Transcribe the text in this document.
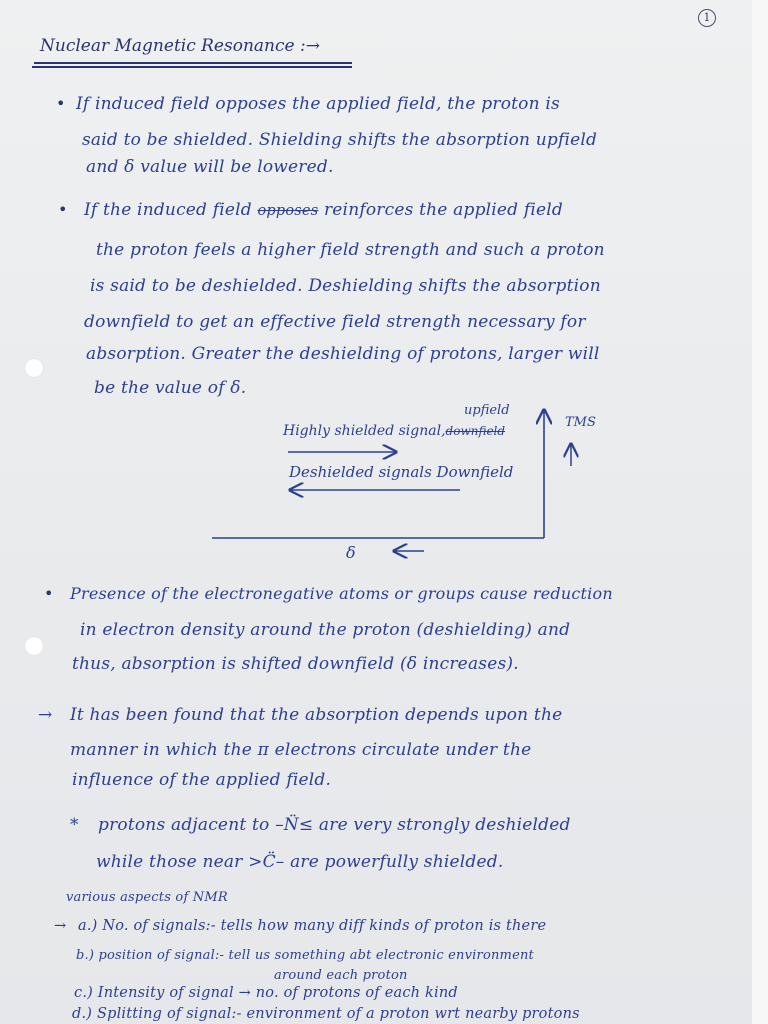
1
Nuclear Magnetic Resonance :→
• If induced field opposes the applied field, the proton is
said to be shielded. Shielding shifts the absorption upfield
and δ value will be lowered.
• If the induced field opposes reinforces the applied field
the proton feels a higher field strength and such a proton
is said to be deshielded. Deshielding shifts the absorption
downfield to get an effective field strength necessary for
absorption. Greater the deshielding of protons, larger will
be the value of δ.
upfield
Highly shielded signal,downfield
TMS
Deshielded signals Downfield
δ
• Presence of the electronegative atoms or groups cause reduction
in electron density around the proton (deshielding) and
thus, absorption is shifted downfield (δ increases).
→ It has been found that the absorption depends upon the
manner in which the π electrons circulate under the
influence of the applied field.
* protons adjacent to –N̈≤ are very strongly deshielded
while those near >C̈– are powerfully shielded.
various aspects of NMR
→ a.) No. of signals:- tells how many diff kinds of proton is there
b.) position of signal:- tell us something abt electronic environment
around each proton
c.) Intensity of signal → no. of protons of each kind
d.) Splitting of signal:- environment of a proton wrt nearby protons
